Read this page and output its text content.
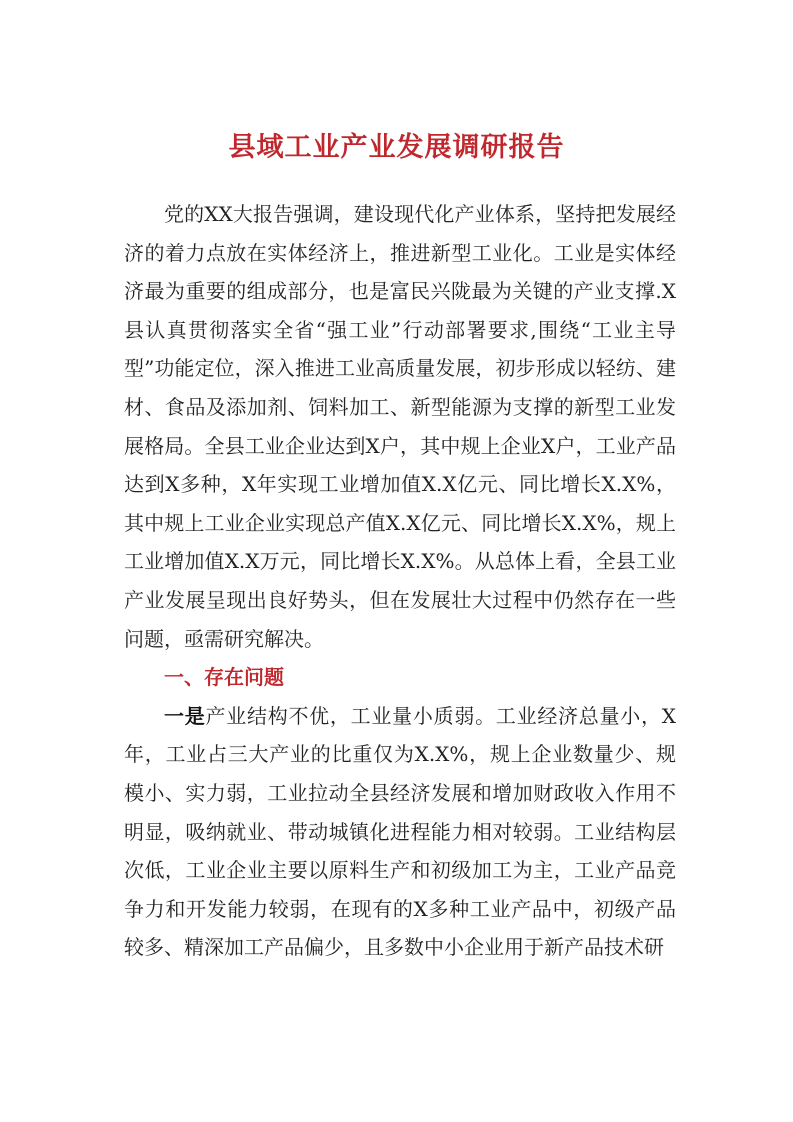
县域工业产业发展调研报告

党的XX大报告强调，建设现代化产业体系，坚持把发展经济的着力点放在实体经济上，推进新型工业化。工业是实体经济最为重要的组成部分，也是富民兴陇最为关键的产业支撑.X县认真贯彻落实全省“强工业”行动部署要求,围绕“工业主导型”功能定位，深入推进工业高质量发展，初步形成以轻纺、建材、食品及添加剂、饲料加工、新型能源为支撑的新型工业发展格局。全县工业企业达到X户，其中规上企业X户，工业产品达到X多种，X年实现工业增加值X.X亿元、同比增长X.X%，其中规上工业企业实现总产值X.X亿元、同比增长X.X%，规上工业增加值X.X万元，同比增长X.X%。从总体上看，全县工业产业发展呈现出良好势头，但在发展壮大过程中仍然存在一些问题，亟需研究解决。

一、存在问题

一是产业结构不优，工业量小质弱。工业经济总量小，X年，工业占三大产业的比重仅为X.X%，规上企业数量少、规模小、实力弱，工业拉动全县经济发展和增加财政收入作用不明显，吸纳就业、带动城镇化进程能力相对较弱。工业结构层次低，工业企业主要以原料生产和初级加工为主，工业产品竞争力和开发能力较弱，在现有的X多种工业产品中，初级产品较多、精深加工产品偏少，且多数中小企业用于新产品技术研
